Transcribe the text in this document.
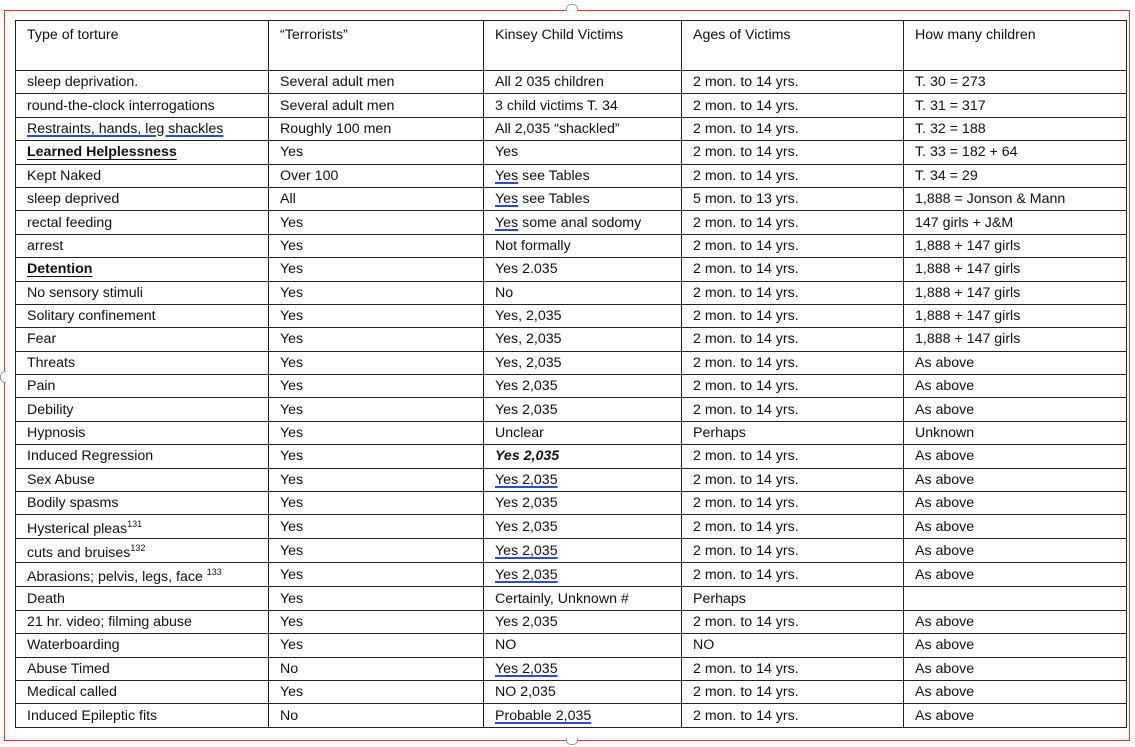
Type of torture	“Terrorists”	Kinsey Child Victims	Ages of Victims	How many children
sleep deprivation.	Several adult men	All 2 035 children	2 mon. to 14 yrs.	T. 30 = 273
round-the-clock interrogations	Several adult men	3 child victims T. 34	2 mon. to 14 yrs.	T. 31 = 317
Restraints, hands, leg shackles	Roughly 100 men	All 2,035 “shackled”	2 mon. to 14 yrs.	T. 32 = 188
Learned Helplessness	Yes	Yes	2 mon. to 14 yrs.	T. 33 = 182 + 64
Kept Naked	Over 100	Yes see Tables	2 mon. to 14 yrs.	T. 34 = 29
sleep deprived	All	Yes see Tables	5 mon. to 13 yrs.	1,888 = Jonson & Mann
rectal feeding	Yes	Yes some anal sodomy	2 mon. to 14 yrs.	147 girls + J&M
arrest	Yes	Not formally	2 mon. to 14 yrs.	1,888 + 147 girls
Detention	Yes	Yes 2.035	2 mon. to 14 yrs.	1,888 + 147 girls
No sensory stimuli	Yes	No	2 mon. to 14 yrs.	1,888 + 147 girls
Solitary confinement	Yes	Yes, 2,035	2 mon. to 14 yrs.	1,888 + 147 girls
Fear	Yes	Yes, 2,035	2 mon. to 14 yrs.	1,888 + 147 girls
Threats	Yes	Yes, 2,035	2 mon. to 14 yrs.	As above
Pain	Yes	Yes 2,035	2 mon. to 14 yrs.	As above
Debility	Yes	Yes 2,035	2 mon. to 14 yrs.	As above
Hypnosis	Yes	Unclear	Perhaps	Unknown
Induced Regression	Yes	Yes 2,035	2 mon. to 14 yrs.	As above
Sex Abuse	Yes	Yes 2,035	2 mon. to 14 yrs.	As above
Bodily spasms	Yes	Yes 2,035	2 mon. to 14 yrs.	As above
Hysterical pleas$^{131}$	Yes	Yes 2,035	2 mon. to 14 yrs.	As above
cuts and bruises$^{132}$	Yes	Yes 2,035	2 mon. to 14 yrs.	As above
Abrasions; pelvis, legs, face $^{133}$	Yes	Yes 2,035	2 mon. to 14 yrs.	As above
Death	Yes	Certainly, Unknown #	Perhaps	
21 hr. video; filming abuse	Yes	Yes 2,035	2 mon. to 14 yrs.	As above
Waterboarding	Yes	NO	NO	As above
Abuse Timed	No	Yes 2,035	2 mon. to 14 yrs.	As above
Medical called	Yes	NO 2,035	2 mon. to 14 yrs.	As above
Induced Epileptic fits	No	Probable 2,035	2 mon. to 14 yrs.	As above
